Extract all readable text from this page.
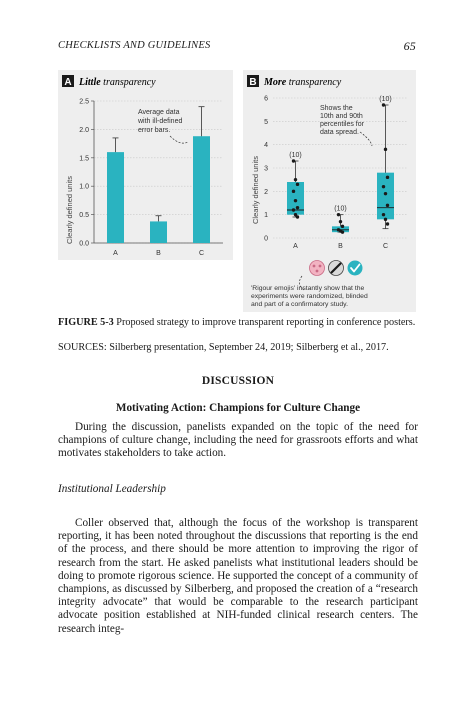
CHECKLISTS AND GUIDELINES	65
A Little transparency	B More transparency
Clearly defined units	Clearly defined units
0.0
0.5
1.0
1.5
2.0
2.5
A	B	C
0
1
2
3
4
5
6
(10)
A
(10)
B
(10)
C
Average data with ill-defined error bars.
Shows the 10th and 90th percentiles for data spread.
'Rigour emojis' instantly show that the experiments were randomized, blinded and part of a confirmatory study.
FIGURE 5-3 Proposed strategy to improve transparent reporting in conference posters.
SOURCES: Silberberg presentation, September 24, 2019; Silberberg et al., 2017.
DISCUSSION
Motivating Action: Champions for Culture Change
During the discussion, panelists expanded on the topic of the need for champions of culture change, including the need for grassroots efforts and what motivates stakeholders to take action.
Institutional Leadership
Coller observed that, although the focus of the workshop is transparent reporting, it has been noted throughout the discussions that reporting is the end of the process, and there should be more attention to improving the rigor of research from the start. He asked panelists what institutional leaders should be doing to promote rigorous science. He supported the concept of a community of champions, as discussed by Silberberg, and proposed the creation of a “research integrity advocate” that would be comparable to the research participant advocate position established at NIH-funded clinical research centers. The research integ-
